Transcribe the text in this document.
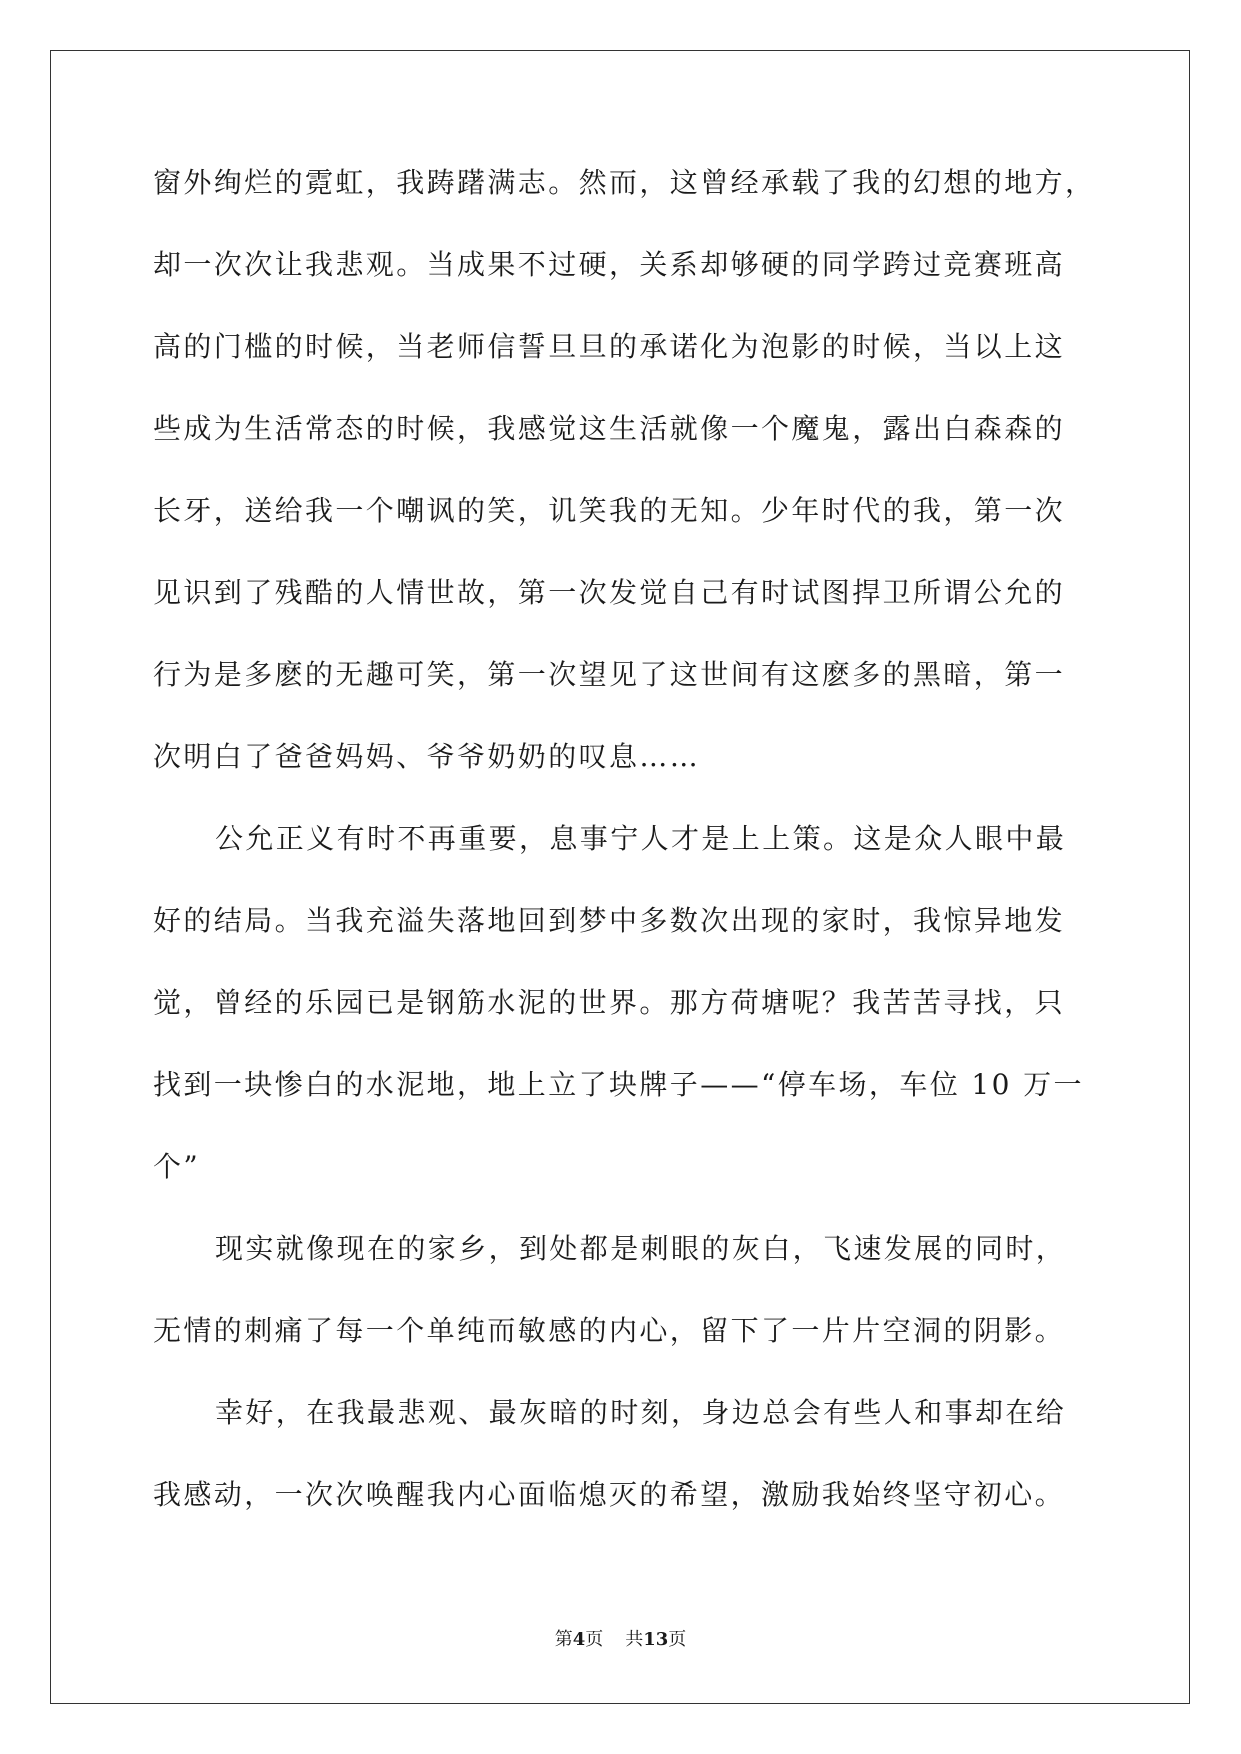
窗外绚烂的霓虹，我踌躇满志。然而，这曾经承载了我的幻想的地方，
却一次次让我悲观。当成果不过硬，关系却够硬的同学跨过竞赛班高
高的门槛的时候，当老师信誓旦旦的承诺化为泡影的时候，当以上这
些成为生活常态的时候，我感觉这生活就像一个魔鬼，露出白森森的
长牙，送给我一个嘲讽的笑，讥笑我的无知。少年时代的我，第一次
见识到了残酷的人情世故，第一次发觉自己有时试图捍卫所谓公允的
行为是多麽的无趣可笑，第一次望见了这世间有这麽多的黑暗，第一
次明白了爸爸妈妈、爷爷奶奶的叹息……
公允正义有时不再重要，息事宁人才是上上策。这是众人眼中最
好的结局。当我充溢失落地回到梦中多数次出现的家时，我惊异地发
觉，曾经的乐园已是钢筋水泥的世界。那方荷塘呢？我苦苦寻找，只
找到一块惨白的水泥地，地上立了块牌子——“停车场，车位 10 万一
个”
现实就像现在的家乡，到处都是刺眼的灰白，飞速发展的同时，
无情的刺痛了每一个单纯而敏感的内心，留下了一片片空洞的阴影。
幸好，在我最悲观、最灰暗的时刻，身边总会有些人和事却在给
我感动，一次次唤醒我内心面临熄灭的希望，激励我始终坚守初心。
第4页 共13页
